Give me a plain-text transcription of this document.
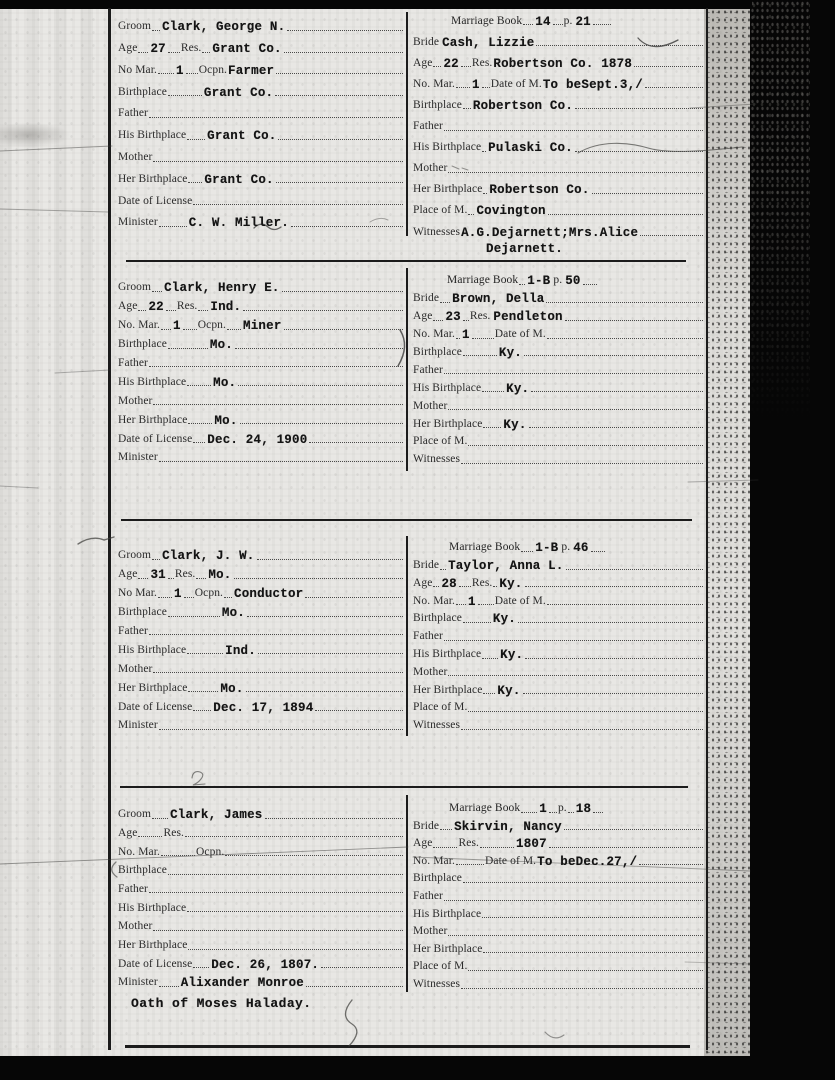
Groom Clark, George N.
Age 27 Res. Grant Co.
No Mar. 1 Ocpn. Farmer
Birthplace	Grant Co.
Father
His Birthplace Grant Co.
Mother
Her Birthplace Grant Co.
Date of License
Minister C. W. Miller.
Marriage Book 14 p. 21
Bride Cash, Lizzie
Age 22 Res. Robertson Co. 1878
No. Mar. 1 Date of M. To beSept.3,/
Birthplace Robertson Co.
Father
His Birthplace Pulaski Co.
Mother
Her Birthplace Robertson Co.
Place of M. Covington
Witnesses A.G.Dejarnett;Mrs.Alice
Dejarnett.
Groom Clark, Henry E.
Age 22 Res. Ind.
No. Mar. 1 Ocpn. Miner
Birthplace	Mo.
Father
His Birthplace Mo.
Mother
Her Birthplace Mo.
Date of License Dec. 24, 1900
Minister
Marriage Book 1-B p. 50
Bride Brown, Della
Age 23 Res. Pendleton
No. Mar. 1 Date of M.
Birthplace	Ky.
Father
His Birthplace Ky.
Mother
Her Birthplace Ky.
Place of M.
Witnesses
Groom Clark, J. W.
Age 31 Res. Mo.
No Mar. 1 Ocpn. Conductor
Birthplace	Mo.
Father
His Birthplace	Ind.
Mother
Her Birthplace	Mo.
Date of License Dec. 17, 1894
Minister
Marriage Book 1-B p. 46
Bride Taylor, Anna L.
Age 28 Res. Ky.
No. Mar. 1 Date of M.
Birthplace Ky.
Father
His Birthplace Ky.
Mother
Her Birthplace Ky.
Place of M.
Witnesses
Groom Clark, James
Age Res.
No. Mar.	Ocpn.
Birthplace
Father
His Birthplace
Mother
Her Birthplace
Date of License Dec. 26, 1807.
Minister Alixander Monroe
Marriage Book 1 p. 18
Bride Skirvin, Nancy
Age Res.	1807
No. Mar.	Date of M. To beDec.27,/
Birthplace
Father
His Birthplace
Mother
Her Birthplace
Place of M.
Witnesses
Oath of Moses Haladay.
